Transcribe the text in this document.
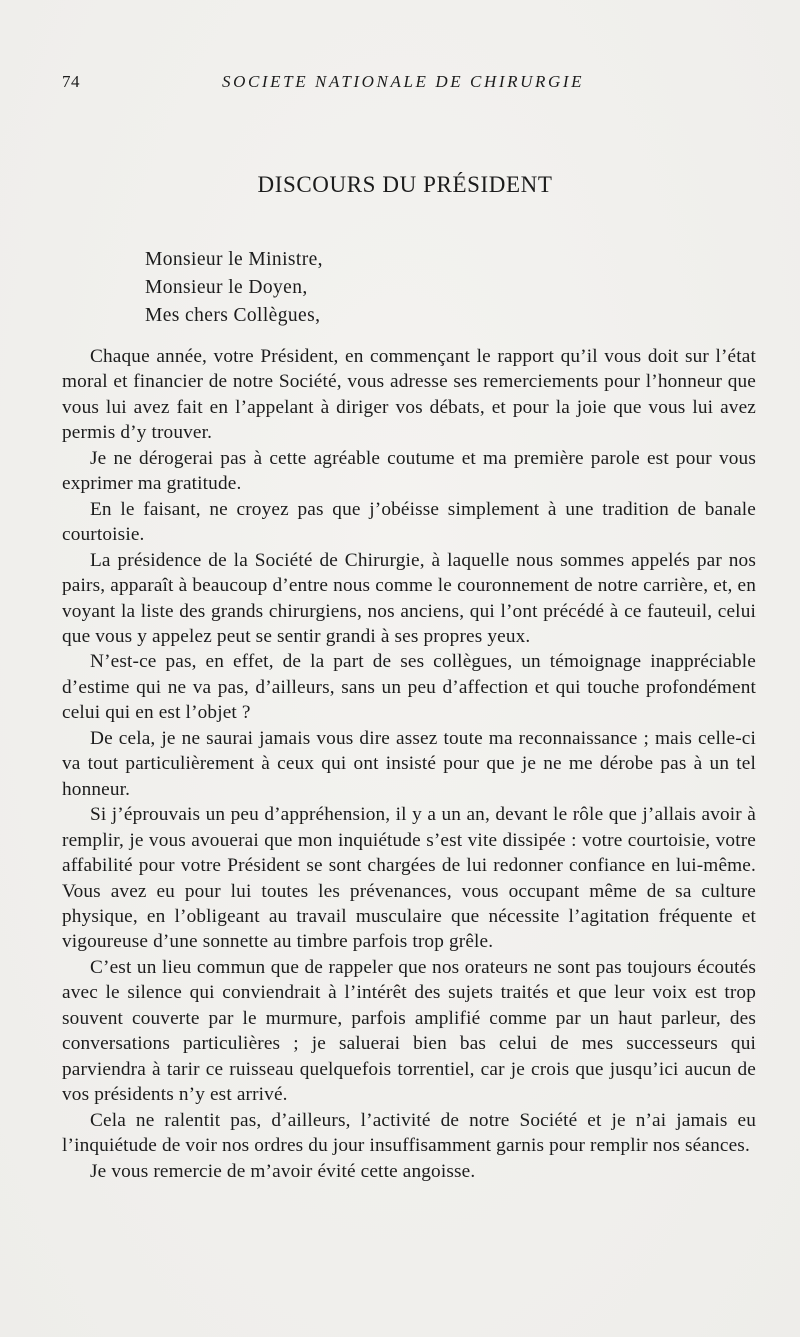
74	SOCIETE NATIONALE DE CHIRURGIE
DISCOURS DU PRÉSIDENT
Monsieur le Ministre,
Monsieur le Doyen,
Mes chers Collègues,

Chaque année, votre Président, en commençant le rapport qu’il vous doit sur l’état moral et financier de notre Société, vous adresse ses remerciements pour l’honneur que vous lui avez fait en l’appelant à diriger vos débats, et pour la joie que vous lui avez permis d’y trouver.

Je ne dérogerai pas à cette agréable coutume et ma première parole est pour vous exprimer ma gratitude.

En le faisant, ne croyez pas que j’obéisse simplement à une tradition de banale courtoisie.

La présidence de la Société de Chirurgie, à laquelle nous sommes appelés par nos pairs, apparaît à beaucoup d’entre nous comme le couronnement de notre carrière, et, en voyant la liste des grands chirurgiens, nos anciens, qui l’ont précédé à ce fauteuil, celui que vous y appelez peut se sentir grandi à ses propres yeux.

N’est-ce pas, en effet, de la part de ses collègues, un témoignage inappréciable d’estime qui ne va pas, d’ailleurs, sans un peu d’affection et qui touche profondément celui qui en est l’objet ?

De cela, je ne saurai jamais vous dire assez toute ma reconnaissance ; mais celle-ci va tout particulièrement à ceux qui ont insisté pour que je ne me dérobe pas à un tel honneur.

Si j’éprouvais un peu d’appréhension, il y a un an, devant le rôle que j’allais avoir à remplir, je vous avouerai que mon inquiétude s’est vite dissipée : votre courtoisie, votre affabilité pour votre Président se sont chargées de lui redonner confiance en lui-même. Vous avez eu pour lui toutes les prévenances, vous occupant même de sa culture physique, en l’obligeant au travail musculaire que nécessite l’agitation fréquente et vigoureuse d’une sonnette au timbre parfois trop grêle.

C’est un lieu commun que de rappeler que nos orateurs ne sont pas toujours écoutés avec le silence qui conviendrait à l’intérêt des sujets traités et que leur voix est trop souvent couverte par le murmure, parfois amplifié comme par un haut parleur, des conversations particulières ; je saluerai bien bas celui de mes successeurs qui parviendra à tarir ce ruisseau quelquefois torrentiel, car je crois que jusqu’ici aucun de vos présidents n’y est arrivé.

Cela ne ralentit pas, d’ailleurs, l’activité de notre Société et je n’ai jamais eu l’inquiétude de voir nos ordres du jour insuffisamment garnis pour remplir nos séances.

Je vous remercie de m’avoir évité cette angoisse.
